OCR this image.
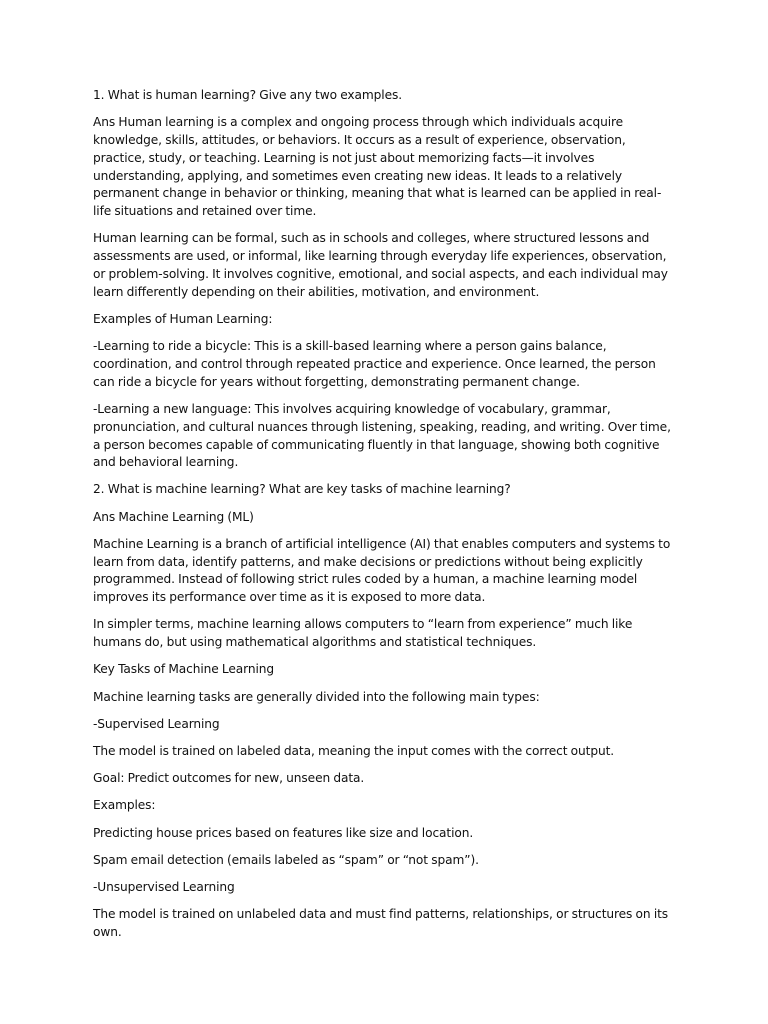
1. What is human learning? Give any two examples.

Ans Human learning is a complex and ongoing process through which individuals acquire knowledge, skills, attitudes, or behaviors. It occurs as a result of experience, observation, practice, study, or teaching. Learning is not just about memorizing facts—it involves understanding, applying, and sometimes even creating new ideas. It leads to a relatively permanent change in behavior or thinking, meaning that what is learned can be applied in real-life situations and retained over time.

Human learning can be formal, such as in schools and colleges, where structured lessons and assessments are used, or informal, like learning through everyday life experiences, observation, or problem-solving. It involves cognitive, emotional, and social aspects, and each individual may learn differently depending on their abilities, motivation, and environment.

Examples of Human Learning:

-Learning to ride a bicycle: This is a skill-based learning where a person gains balance, coordination, and control through repeated practice and experience. Once learned, the person can ride a bicycle for years without forgetting, demonstrating permanent change.

-Learning a new language: This involves acquiring knowledge of vocabulary, grammar, pronunciation, and cultural nuances through listening, speaking, reading, and writing. Over time, a person becomes capable of communicating fluently in that language, showing both cognitive and behavioral learning.

2. What is machine learning? What are key tasks of machine learning?

Ans Machine Learning (ML)

Machine Learning is a branch of artificial intelligence (AI) that enables computers and systems to learn from data, identify patterns, and make decisions or predictions without being explicitly programmed. Instead of following strict rules coded by a human, a machine learning model improves its performance over time as it is exposed to more data.

In simpler terms, machine learning allows computers to “learn from experience” much like humans do, but using mathematical algorithms and statistical techniques.

Key Tasks of Machine Learning

Machine learning tasks are generally divided into the following main types:

-Supervised Learning

The model is trained on labeled data, meaning the input comes with the correct output.

Goal: Predict outcomes for new, unseen data.

Examples:

Predicting house prices based on features like size and location.

Spam email detection (emails labeled as “spam” or “not spam”).

-Unsupervised Learning

The model is trained on unlabeled data and must find patterns, relationships, or structures on its own.
